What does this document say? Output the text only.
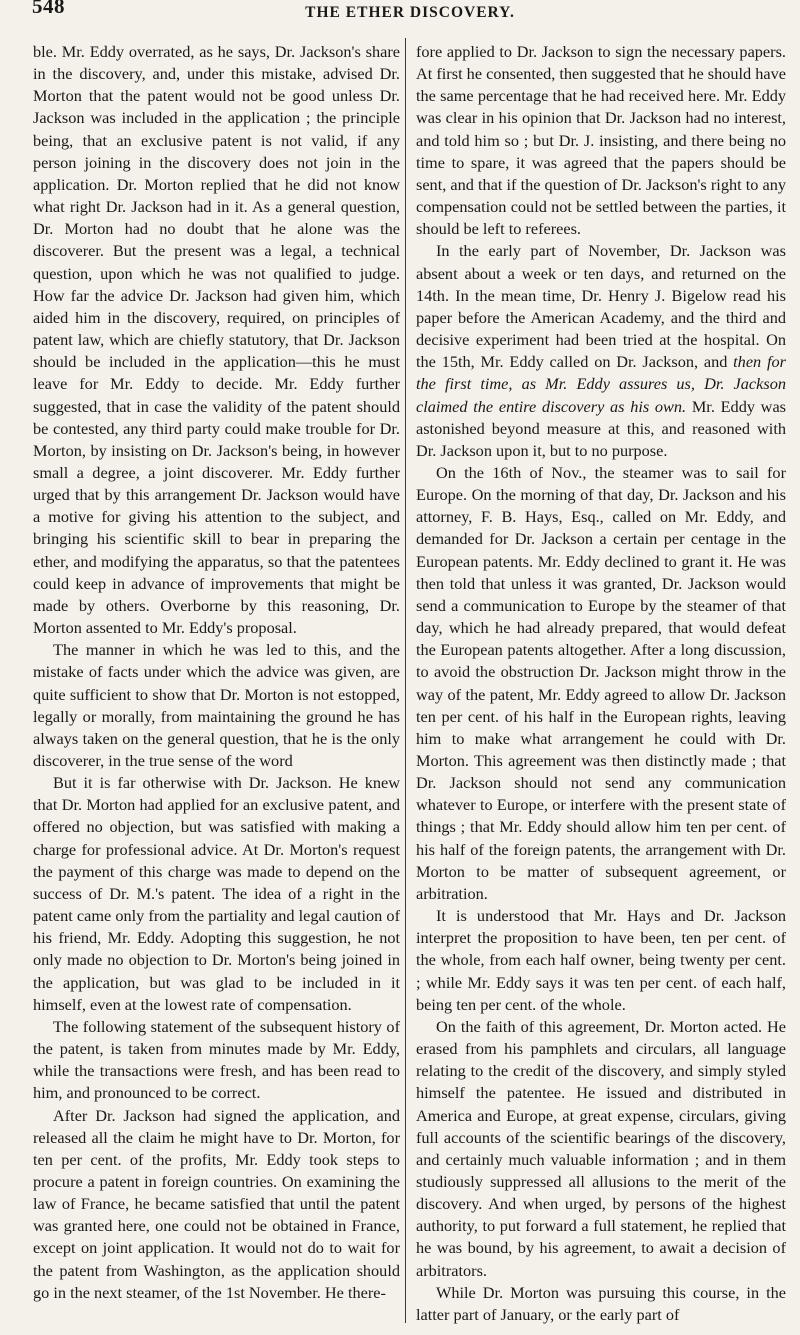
548	THE ETHER DISCOVERY.

ble. Mr. Eddy overrated, as he says, Dr. Jackson's share in the discovery, and, under this mistake, advised Dr. Morton that the patent would not be good unless Dr. Jackson was included in the application ; the principle being, that an exclusive patent is not valid, if any person joining in the discovery does not join in the application. Dr. Morton replied that he did not know what right Dr. Jackson had in it. As a general question, Dr. Morton had no doubt that he alone was the discoverer. But the present was a legal, a technical question, upon which he was not qualified to judge. How far the advice Dr. Jackson had given him, which aided him in the discovery, required, on principles of patent law, which are chiefly statutory, that Dr. Jackson should be included in the application—this he must leave for Mr. Eddy to decide. Mr. Eddy further suggested, that in case the validity of the patent should be contested, any third party could make trouble for Dr. Morton, by insisting on Dr. Jackson's being, in however small a degree, a joint discoverer. Mr. Eddy further urged that by this arrangement Dr. Jackson would have a motive for giving his attention to the subject, and bringing his scientific skill to bear in preparing the ether, and modifying the apparatus, so that the patentees could keep in advance of improvements that might be made by others. Overborne by this reasoning, Dr. Morton assented to Mr. Eddy's proposal.

The manner in which he was led to this, and the mistake of facts under which the advice was given, are quite sufficient to show that Dr. Morton is not estopped, legally or morally, from maintaining the ground he has always taken on the general question, that he is the only discoverer, in the true sense of the word

But it is far otherwise with Dr. Jackson. He knew that Dr. Morton had applied for an exclusive patent, and offered no objection, but was satisfied with making a charge for professional advice. At Dr. Morton's request the payment of this charge was made to depend on the success of Dr. M.'s patent. The idea of a right in the patent came only from the partiality and legal caution of his friend, Mr. Eddy. Adopting this suggestion, he not only made no objection to Dr. Morton's being joined in the application, but was glad to be included in it himself, even at the lowest rate of compensation.

The following statement of the subsequent history of the patent, is taken from minutes made by Mr. Eddy, while the transactions were fresh, and has been read to him, and pronounced to be correct.

After Dr. Jackson had signed the application, and released all the claim he might have to Dr. Morton, for ten per cent. of the profits, Mr. Eddy took steps to procure a patent in foreign countries. On examining the law of France, he became satisfied that until the patent was granted here, one could not be obtained in France, except on joint application. It would not do to wait for the patent from Washington, as the application should go in the next steamer, of the 1st November. He there-

fore applied to Dr. Jackson to sign the necessary papers. At first he consented, then suggested that he should have the same percentage that he had received here. Mr. Eddy was clear in his opinion that Dr. Jackson had no interest, and told him so ; but Dr. J. insisting, and there being no time to spare, it was agreed that the papers should be sent, and that if the question of Dr. Jackson's right to any compensation could not be settled between the parties, it should be left to referees.

In the early part of November, Dr. Jackson was absent about a week or ten days, and returned on the 14th. In the mean time, Dr. Henry J. Bigelow read his paper before the American Academy, and the third and decisive experiment had been tried at the hospital. On the 15th, Mr. Eddy called on Dr. Jackson, and then for the first time, as Mr. Eddy assures us, Dr. Jackson claimed the entire discovery as his own. Mr. Eddy was astonished beyond measure at this, and reasoned with Dr. Jackson upon it, but to no purpose.

On the 16th of Nov., the steamer was to sail for Europe. On the morning of that day, Dr. Jackson and his attorney, F. B. Hays, Esq., called on Mr. Eddy, and demanded for Dr. Jackson a certain per centage in the European patents. Mr. Eddy declined to grant it. He was then told that unless it was granted, Dr. Jackson would send a communication to Europe by the steamer of that day, which he had already prepared, that would defeat the European patents altogether. After a long discussion, to avoid the obstruction Dr. Jackson might throw in the way of the patent, Mr. Eddy agreed to allow Dr. Jackson ten per cent. of his half in the European rights, leaving him to make what arrangement he could with Dr. Morton. This agreement was then distinctly made ; that Dr. Jackson should not send any communication whatever to Europe, or interfere with the present state of things ; that Mr. Eddy should allow him ten per cent. of his half of the foreign patents, the arrangement with Dr. Morton to be matter of subsequent agreement, or arbitration.

It is understood that Mr. Hays and Dr. Jackson interpret the proposition to have been, ten per cent. of the whole, from each half owner, being twenty per cent. ; while Mr. Eddy says it was ten per cent. of each half, being ten per cent. of the whole.

On the faith of this agreement, Dr. Morton acted. He erased from his pamphlets and circulars, all language relating to the credit of the discovery, and simply styled himself the patentee. He issued and distributed in America and Europe, at great expense, circulars, giving full accounts of the scientific bearings of the discovery, and certainly much valuable information ; and in them studiously suppressed all allusions to the merit of the discovery. And when urged, by persons of the highest authority, to put forward a full statement, he replied that he was bound, by his agreement, to await a decision of arbitrators.

While Dr. Morton was pursuing this course, in the latter part of January, or the early part of
